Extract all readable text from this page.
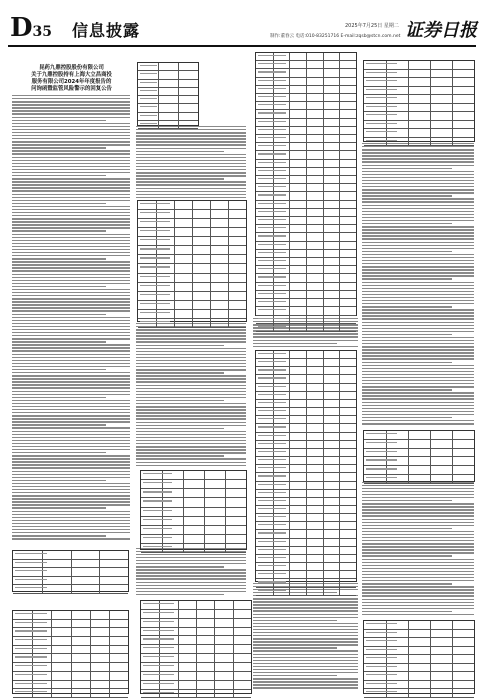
D35 信息披露	2025年7月25日 星期二
制作:董春云 电话:010-83251716 E-mail:zqsb@stcn.com.net 证券日报
昆药九鼎控股股份有限公司
关于九鼎控股持有上海大立昌商投
服务有限公司2024年年度报告的
问询函暨监管风险警示的回复公告
